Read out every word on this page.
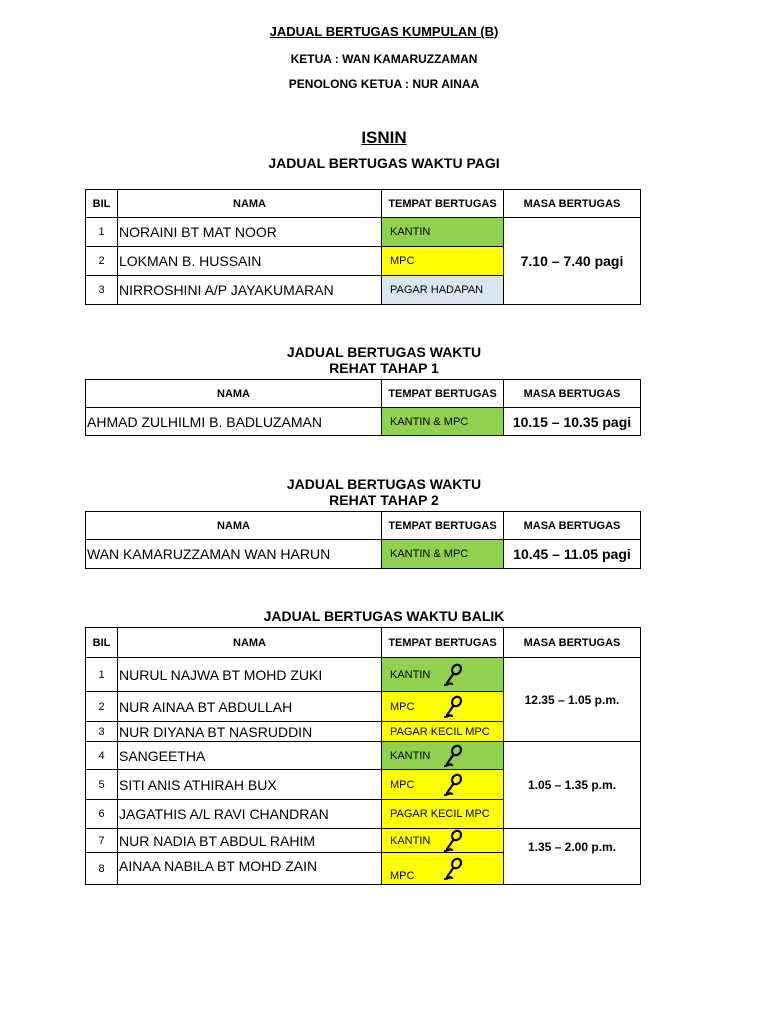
JADUAL BERTUGAS KUMPULAN (B)
KETUA : WAN KAMARUZZAMAN
PENOLONG KETUA : NUR AINAA
ISNIN
JADUAL BERTUGAS WAKTU PAGI
BIL	NAMA	TEMPAT BERTUGAS	MASA BERTUGAS
1	NORAINI BT MAT NOOR	KANTIN	7.10 – 7.40 pagi
2	LOKMAN B. HUSSAIN	MPC	
3	NIRROSHINI A/P JAYAKUMARAN	PAGAR HADAPAN	
JADUAL BERTUGAS WAKTU
REHAT TAHAP 1
NAMA	TEMPAT BERTUGAS	MASA BERTUGAS
AHMAD ZULHILMI B. BADLUZAMAN	KANTIN & MPC	10.15 – 10.35 pagi
JADUAL BERTUGAS WAKTU
REHAT TAHAP 2
NAMA	TEMPAT BERTUGAS	MASA BERTUGAS
WAN KAMARUZZAMAN WAN HARUN	KANTIN & MPC	10.45 – 11.05 pagi
JADUAL BERTUGAS WAKTU BALIK
BIL	NAMA	TEMPAT BERTUGAS	MASA BERTUGAS
1	NURUL NAJWA BT MOHD ZUKI	KANTIN	12.35 – 1.05 p.m.
2	NUR AINAA BT ABDULLAH	MPC	

3	NUR DIYANA BT NASRUDDIN	PAGAR KECIL MPC	
4	SANGEETHA	KANTIN	1.05 – 1.35 p.m.
5	SITI ANIS ATHIRAH BUX	MPC	

6	JAGATHIS A/L RAVI CHANDRAN	PAGAR KECIL MPC	
7	NUR NADIA BT ABDUL RAHIM	KANTIN	1.35 – 2.00 p.m.
8	AINAA NABILA BT MOHD ZAIN	MPC	
